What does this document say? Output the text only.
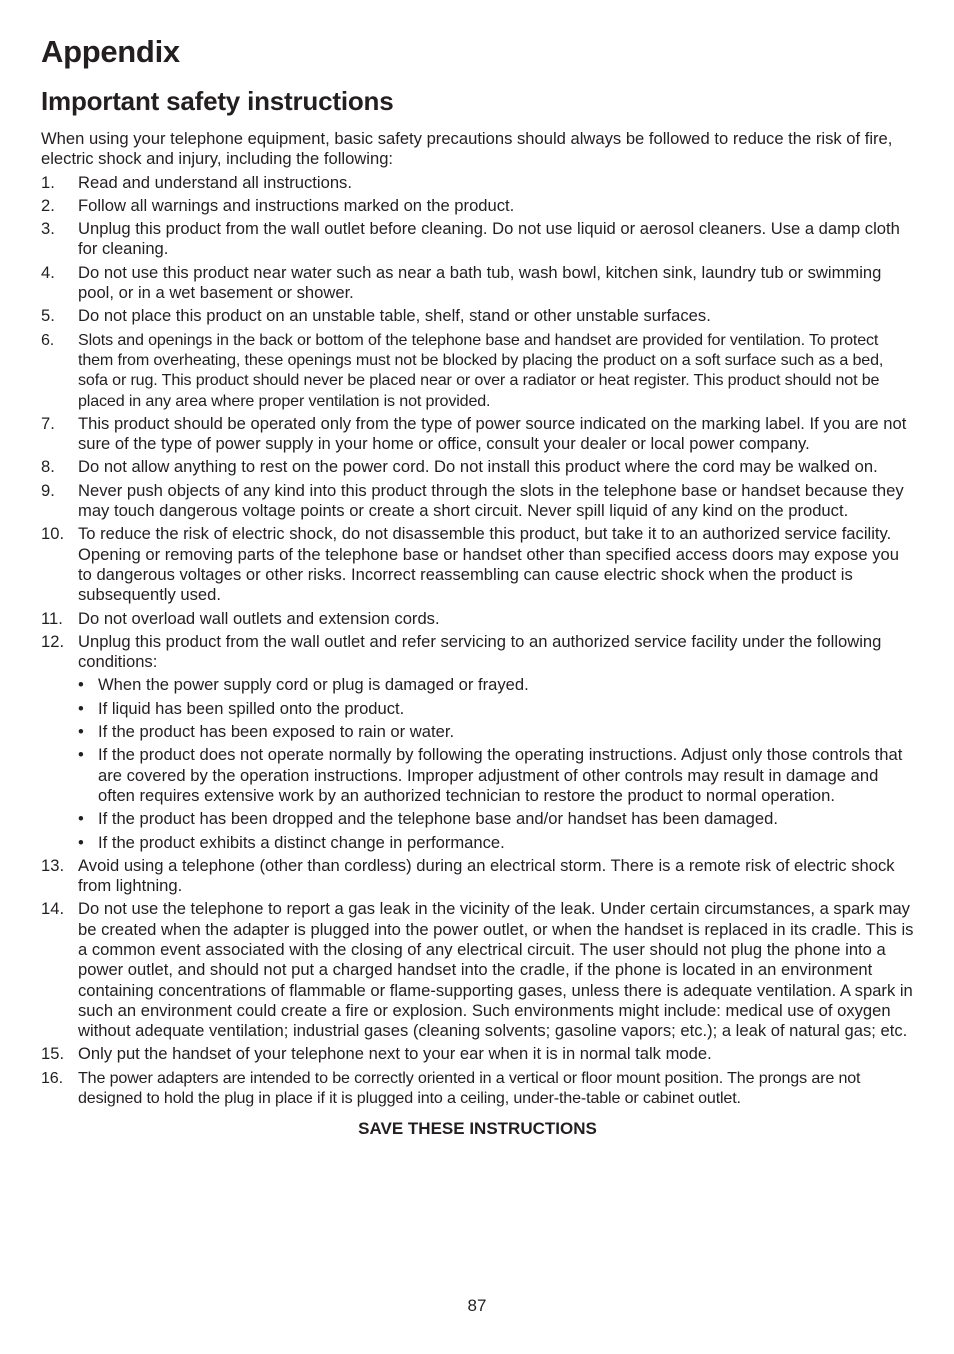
Appendix
Important safety instructions

When using your telephone equipment, basic safety precautions should always be followed to reduce the risk of fire, electric shock and injury, including the following:

1. Read and understand all instructions.
2. Follow all warnings and instructions marked on the product.
3. Unplug this product from the wall outlet before cleaning. Do not use liquid or aerosol cleaners. Use a damp cloth for cleaning.
4. Do not use this product near water such as near a bath tub, wash bowl, kitchen sink, laundry tub or swimming pool, or in a wet basement or shower.
5. Do not place this product on an unstable table, shelf, stand or other unstable surfaces.
6. Slots and openings in the back or bottom of the telephone base and handset are provided for ventilation. To protect them from overheating, these openings must not be blocked by placing the product on a soft surface such as a bed, sofa or rug. This product should never be placed near or over a radiator or heat register. This product should not be placed in any area where proper ventilation is not provided.
7. This product should be operated only from the type of power source indicated on the marking label. If you are not sure of the type of power supply in your home or office, consult your dealer or local power company.
8. Do not allow anything to rest on the power cord. Do not install this product where the cord may be walked on.
9. Never push objects of any kind into this product through the slots in the telephone base or handset because they may touch dangerous voltage points or create a short circuit. Never spill liquid of any kind on the product.
10. To reduce the risk of electric shock, do not disassemble this product, but take it to an authorized service facility. Opening or removing parts of the telephone base or handset other than specified access doors may expose you to dangerous voltages or other risks. Incorrect reassembling can cause electric shock when the product is subsequently used.
11. Do not overload wall outlets and extension cords.
12. Unplug this product from the wall outlet and refer servicing to an authorized service facility under the following conditions:
• When the power supply cord or plug is damaged or frayed.
• If liquid has been spilled onto the product.
• If the product has been exposed to rain or water.
• If the product does not operate normally by following the operating instructions. Adjust only those controls that are covered by the operation instructions. Improper adjustment of other controls may result in damage and often requires extensive work by an authorized technician to restore the product to normal operation.
• If the product has been dropped and the telephone base and/or handset has been damaged.
• If the product exhibits a distinct change in performance.
13. Avoid using a telephone (other than cordless) during an electrical storm. There is a remote risk of electric shock from lightning.
14. Do not use the telephone to report a gas leak in the vicinity of the leak. Under certain circumstances, a spark may be created when the adapter is plugged into the power outlet, or when the handset is replaced in its cradle. This is a common event associated with the closing of any electrical circuit. The user should not plug the phone into a power outlet, and should not put a charged handset into the cradle, if the phone is located in an environment containing concentrations of flammable or flame-supporting gases, unless there is adequate ventilation. A spark in such an environment could create a fire or explosion. Such environments might include: medical use of oxygen without adequate ventilation; industrial gases (cleaning solvents; gasoline vapors; etc.); a leak of natural gas; etc.
15. Only put the handset of your telephone next to your ear when it is in normal talk mode.
16. The power adapters are intended to be correctly oriented in a vertical or floor mount position. The prongs are not designed to hold the plug in place if it is plugged into a ceiling, under-the-table or cabinet outlet.
SAVE THESE INSTRUCTIONS
87
